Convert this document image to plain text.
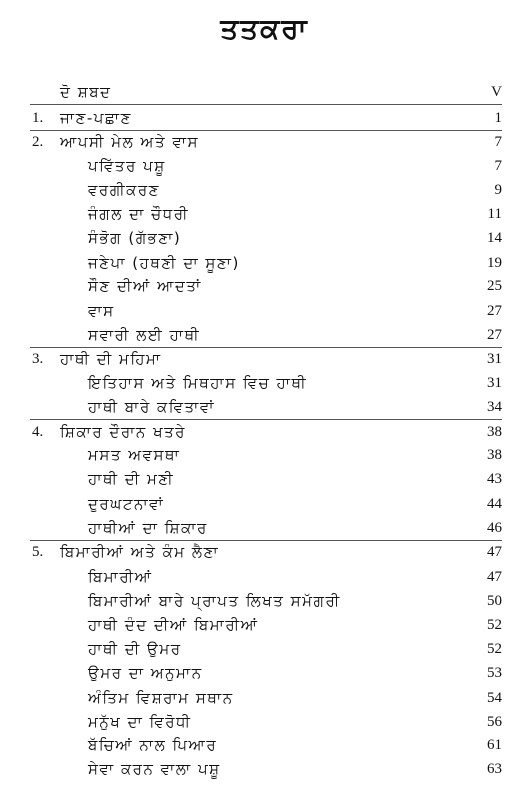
ਤਤਕਰਾ
ਦੋ ਸ਼ਬਦ	V
1.	ਜਾਣ-ਪਛਾਣ	1
2.	ਆਪਸੀ ਮੇਲ ਅਤੇ ਵਾਸ	7
ਪਵਿੱਤਰ ਪਸ਼ੂ	7
ਵਰਗੀਕਰਣ	9
ਜੰਗਲ ਦਾ ਚੌਧਰੀ	11
ਸੰਭੋਗ (ਗੱਭਣਾ)	14
ਜਣੇਪਾ (ਹਥਣੀ ਦਾ ਸੂਣਾ)	19
ਸੌਣ ਦੀਆਂ ਆਦਤਾਂ	25
ਵਾਸ	27
ਸਵਾਰੀ ਲਈ ਹਾਥੀ	27
3.	ਹਾਥੀ ਦੀ ਮਹਿਮਾ	31
ਇਤਿਹਾਸ ਅਤੇ ਮਿਥਹਾਸ ਵਿਚ ਹਾਥੀ	31
ਹਾਥੀ ਬਾਰੇ ਕਵਿਤਾਵਾਂ	34
4.	ਸ਼ਿਕਾਰ ਦੌਰਾਨ ਖਤਰੇ	38
ਮਸਤ ਅਵਸਥਾ	38
ਹਾਥੀ ਦੀ ਮਣੀ	43
ਦੁਰਘਟਨਾਵਾਂ	44
ਹਾਥੀਆਂ ਦਾ ਸ਼ਿਕਾਰ	46
5.	ਬਿਮਾਰੀਆਂ ਅਤੇ ਕੰਮ ਲੈਣਾ	47
ਬਿਮਾਰੀਆਂ	47
ਬਿਮਾਰੀਆਂ ਬਾਰੇ ਪ੍ਰਾਪਤ ਲਿਖਤ ਸਮੱਗਰੀ	50
ਹਾਥੀ ਦੰਦ ਦੀਆਂ ਬਿਮਾਰੀਆਂ	52
ਹਾਥੀ ਦੀ ਉਮਰ	52
ਉਮਰ ਦਾ ਅਨੁਮਾਨ	53
ਅੰਤਿਮ ਵਿਸ਼ਰਾਮ ਸਥਾਨ	54
ਮਨੁੱਖ ਦਾ ਵਿਰੋਧੀ	56
ਬੱਚਿਆਂ ਨਾਲ ਪਿਆਰ	61
ਸੇਵਾ ਕਰਨ ਵਾਲਾ ਪਸ਼ੂ	63
